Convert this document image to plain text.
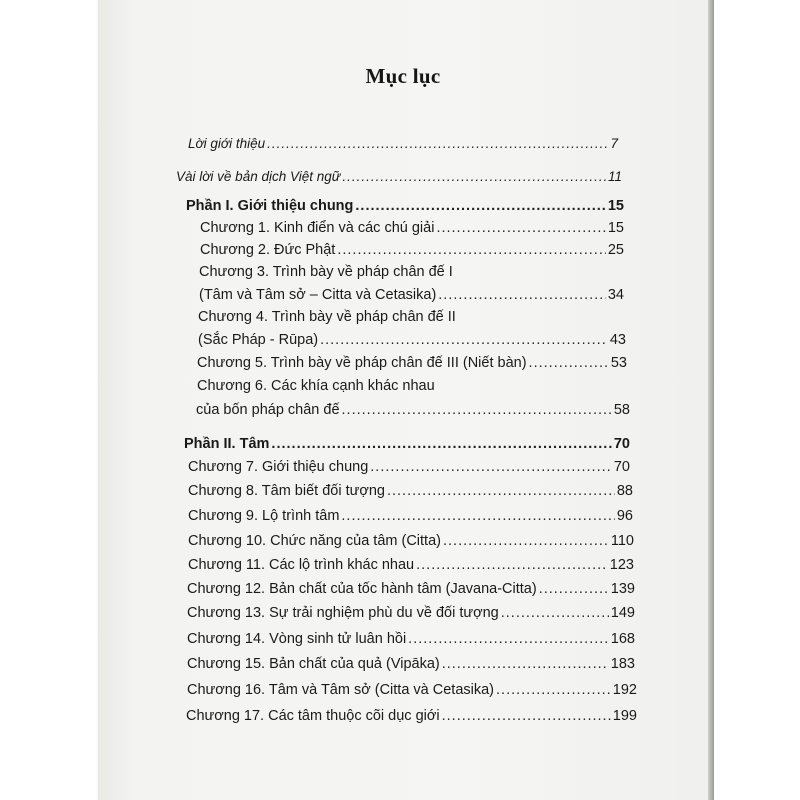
Mục lục
Lời giới thiệu .....	7
Vài lời về bản dịch Việt ngữ .....	11
Phần I. Giới thiệu chung .....	15
Chương 1. Kinh điển và các chú giải .....	15
Chương 2. Đức Phật .....	25
Chương 3. Trình bày về pháp chân đế I
(Tâm và Tâm sở – Citta và Cetasika) .....	34
Chương 4. Trình bày về pháp chân đế II
(Sắc Pháp - Rūpa) .....	43
Chương 5. Trình bày về pháp chân đế III (Niết bàn) .....	53
Chương 6. Các khía cạnh khác nhau
của bốn pháp chân đế .....	58
Phần II. Tâm .....	70
Chương 7. Giới thiệu chung .....	70
Chương 8. Tâm biết đối tượng .....	88
Chương 9. Lộ trình tâm .....	96
Chương 10. Chức năng của tâm (Citta) .....	110
Chương 11. Các lộ trình khác nhau .....	123
Chương 12. Bản chất của tốc hành tâm (Javana-Citta) .....	139
Chương 13. Sự trải nghiệm phù du về đối tượng .....	149
Chương 14. Vòng sinh tử luân hồi .....	168
Chương 15. Bản chất của quả (Vipāka) .....	183
Chương 16. Tâm và Tâm sở (Citta và Cetasika) .....	192
Chương 17. Các tâm thuộc cõi dục giới .....	199
